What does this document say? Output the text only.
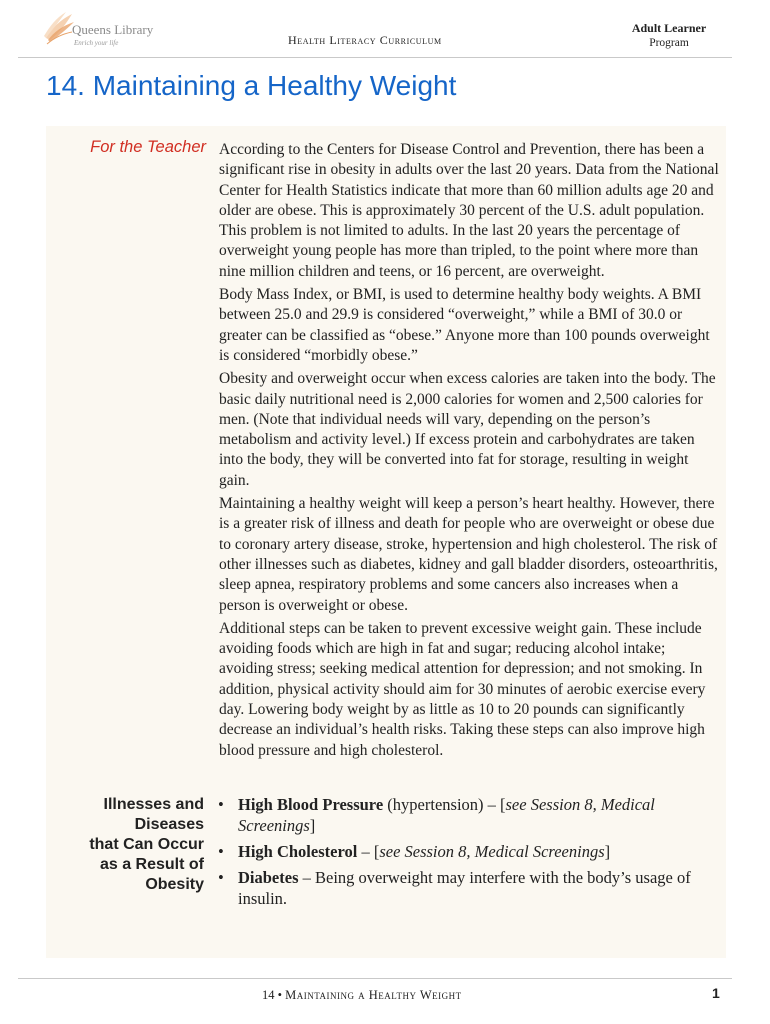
Queens Library
Enrich your life	Health Literacy Curriculum
Adult Learner
Program
14. Maintaining a Healthy Weight
For the Teacher According to the Centers for Disease Control and Prevention, there has been a significant rise in obesity in adults over the last 20 years. Data from the National Center for Health Statistics indicate that more than 60 million adults age 20 and older are obese. This is approximately 30 percent of the U.S. adult population. This problem is not limited to adults. In the last 20 years the percentage of overweight young people has more than tripled, to the point where more than nine million children and teens, or 16 percent, are overweight.

Body Mass Index, or BMI, is used to determine healthy body weights. A BMI between 25.0 and 29.9 is considered “overweight,” while a BMI of 30.0 or greater can be classified as “obese.” Anyone more than 100 pounds overweight is considered “morbidly obese.”

Obesity and overweight occur when excess calories are taken into the body. The basic daily nutritional need is 2,000 calories for women and 2,500 calories for men. (Note that individual needs will vary, depending on the person’s metabolism and activity level.) If excess protein and carbohydrates are taken into the body, they will be converted into fat for storage, resulting in weight gain.

Maintaining a healthy weight will keep a person’s heart healthy. However, there is a greater risk of illness and death for people who are overweight or obese due to coronary artery disease, stroke, hypertension and high cholesterol. The risk of other illnesses such as diabetes, kidney and gall bladder disorders, osteoarthritis, sleep apnea, respiratory problems and some cancers also increases when a person is overweight or obese.

Additional steps can be taken to prevent excessive weight gain. These include avoiding foods which are high in fat and sugar; reducing alcohol intake; avoiding stress; seeking medical attention for depression; and not smoking. In addition, physical activity should aim for 30 minutes of aerobic exercise every day. Lowering body weight by as little as 10 to 20 pounds can significantly decrease an individual’s health risks. Taking these steps can also improve high blood pressure and high cholesterol.

Illnesses and
Diseases
that Can Occur
as a Result of
Obesity
• High Blood Pressure (hypertension) – [see Session 8, Medical Screenings]
• High Cholesterol – [see Session 8, Medical Screenings]
• Diabetes – Being overweight may interfere with the body’s usage of insulin.
14 • Maintaining a Healthy Weight	1
